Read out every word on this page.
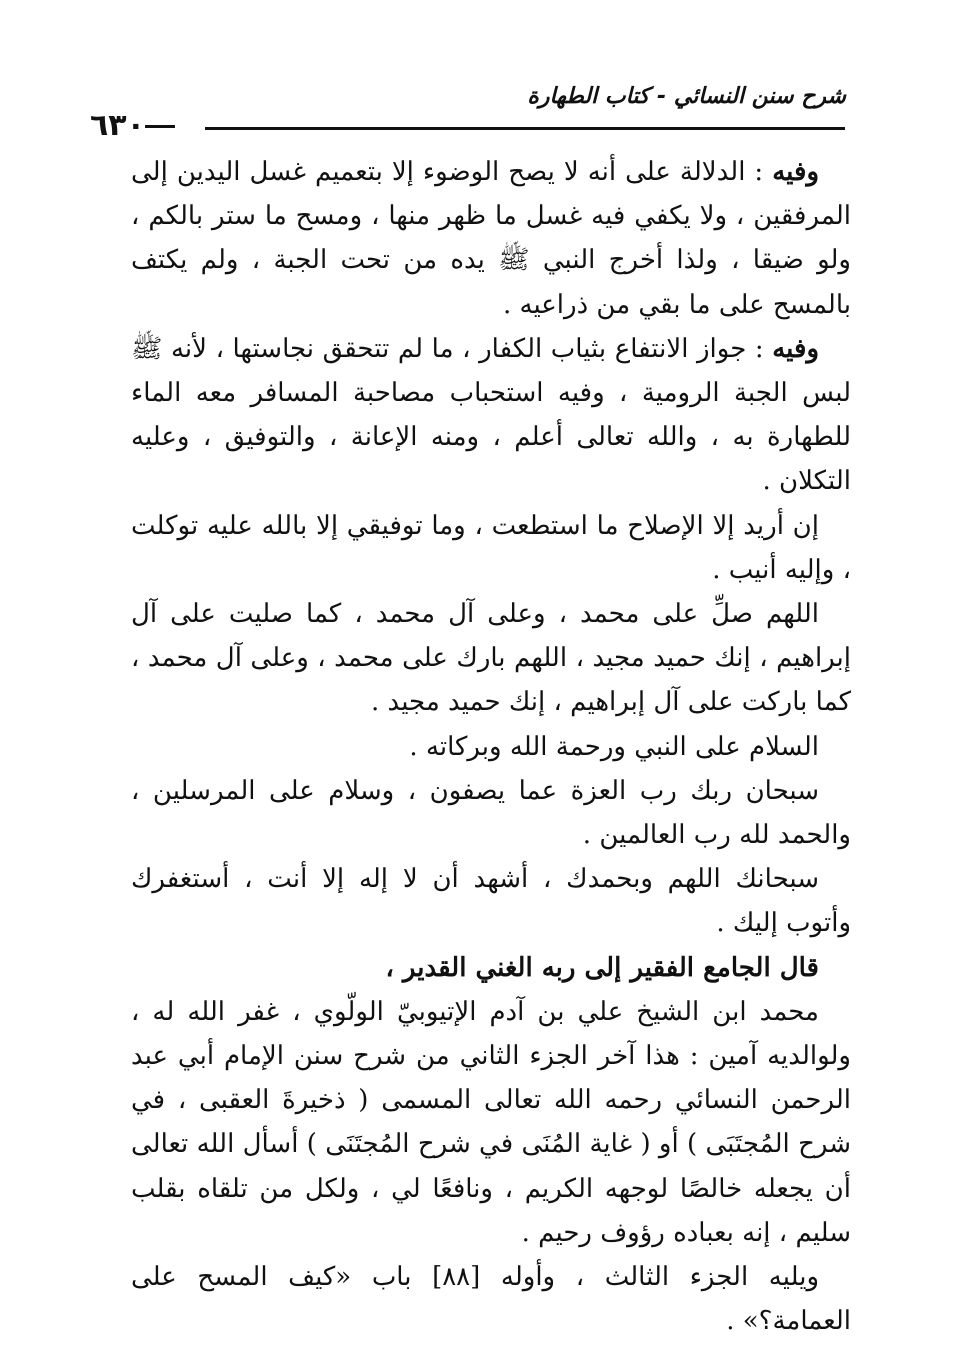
شرح سنن النسائي - كتاب الطهارة
٦٣٠

وفيه : الدلالة على أنه لا يصح الوضوء إلا بتعميم غسل اليدين إلى المرفقين ، ولا يكفي فيه غسل ما ظهر منها ، ومسح ما ستر بالكم ، ولو ضيقا ، ولذا أخرج النبي ﷺ يده من تحت الجبة ، ولم يكتف بالمسح على ما بقي من ذراعيه .

وفيه : جواز الانتفاع بثياب الكفار ، ما لم تتحقق نجاستها ، لأنه ﷺ لبس الجبة الرومية ، وفيه استحباب مصاحبة المسافر معه الماء للطهارة به ، والله تعالى أعلم ، ومنه الإعانة ، والتوفيق ، وعليه التكلان .

إن أريد إلا الإصلاح ما استطعت ، وما توفيقي إلا بالله عليه توكلت ، وإليه أنيب .

اللهم صلِّ على محمد ، وعلى آل محمد ، كما صليت على آل إبراهيم ، إنك حميد مجيد ، اللهم بارك على محمد ، وعلى آل محمد ، كما باركت على آل إبراهيم ، إنك حميد مجيد .

السلام على النبي ورحمة الله وبركاته .

سبحان ربك رب العزة عما يصفون ، وسلام على المرسلين ، والحمد لله رب العالمين .

سبحانك اللهم وبحمدك ، أشهد أن لا إله إلا أنت ، أستغفرك وأتوب إليك .

قال الجامع الفقير إلى ربه الغني القدير ،

محمد ابن الشيخ علي بن آدم الإتيوبيّ الولّوي ، غفر الله له ، ولوالديه آمين : هذا آخر الجزء الثاني من شرح سنن الإمام أبي عبد الرحمن النسائي رحمه الله تعالى المسمى ( ذخيرةَ العقبى ، في شرح المُجتَبَى ) أو ( غاية المُنَى في شرح المُجتَنَى ) أسأل الله تعالى أن يجعله خالصًا لوجهه الكريم ، ونافعًا لي ، ولكل من تلقاه بقلب سليم ، إنه بعباده رؤوف رحيم .

ويليه الجزء الثالث ، وأوله [٨٨] باب «كيف المسح على العمامة؟» .
